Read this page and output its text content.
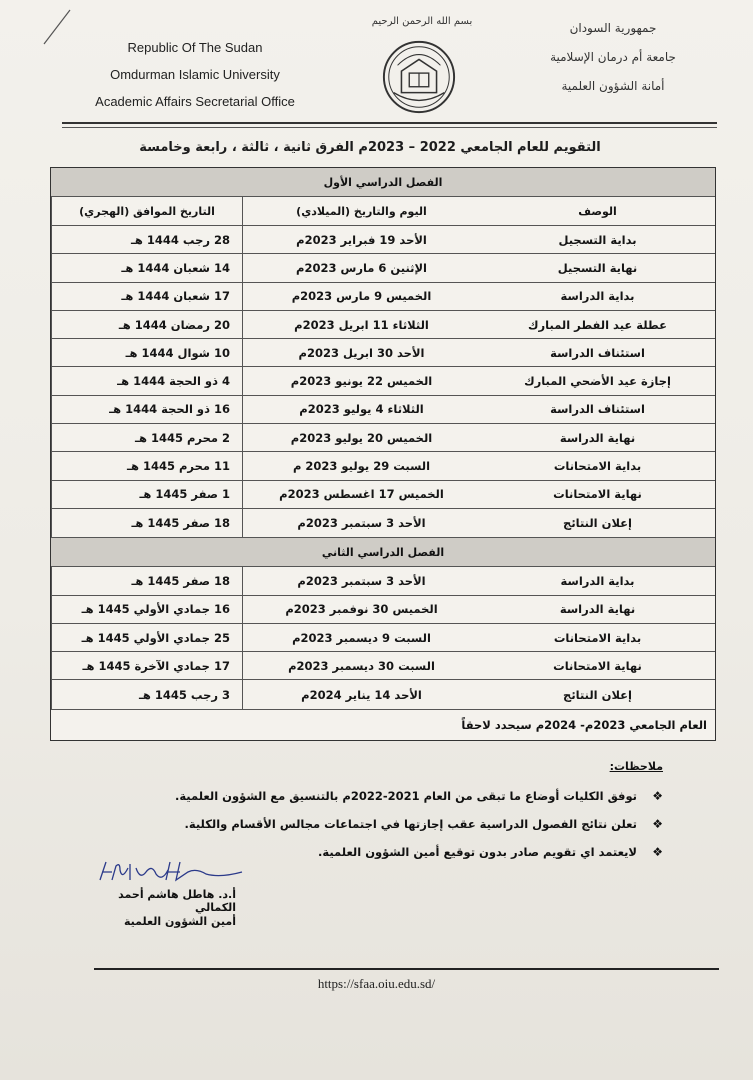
Republic Of The Sudan
Omdurman Islamic University
Academic Affairs Secretarial Office
بسم الله الرحمن الرحيم	جمهورية السودان
جامعة أم درمان الإسلامية
أمانة الشؤون العلمية
التقويم للعام الجامعي 2022 – 2023م الفرق ثانية ، ثالثة ، رابعة وخامسة
الفصل الدراسي الأول
الوصف
اليوم والتاريخ (الميلادي)
التاريخ الموافق (الهجري)
بداية التسجيل
الأحد 19 فبراير 2023م
28 رجب 1444 هـ
نهاية التسجيل
الإثنين 6 مارس 2023م
14 شعبان 1444 هـ
بداية الدراسة
الخميس 9 مارس 2023م
17 شعبان 1444 هـ
عطلة عيد الفطر المبارك
الثلاثاء 11 ابريل 2023م
20 رمضان 1444 هـ
استئناف الدراسة
الأحد 30 ابريل 2023م
10 شوال 1444 هـ
إجازة عيد الأضحي المبارك
الخميس 22 يونيو 2023م
4 ذو الحجة 1444 هـ
استئناف الدراسة
الثلاثاء 4 يوليو 2023م
16 ذو الحجة 1444 هـ
نهاية الدراسة
الخميس 20 يوليو 2023م
2 محرم 1445 هـ
بداية الامتحانات
السبت 29 يوليو 2023 م
11 محرم 1445 هـ
نهاية الامتحانات
الخميس 17 اغسطس 2023م
1 صفر 1445 هـ
إعلان النتائج
الأحد 3 سبتمبر 2023م
18 صفر 1445 هـ
الفصل الدراسي الثاني
بداية الدراسة
الأحد 3 سبتمبر 2023م
18 صفر 1445 هـ
نهاية الدراسة
الخميس 30 نوفمبر 2023م
16 جمادي الأولي 1445 هـ
بداية الامتحانات
السبت 9 ديسمبر 2023م
25 جمادي الأولي 1445 هـ
نهاية الامتحانات
السبت 30 ديسمبر 2023م
17 جمادي الآخرة 1445 هـ
إعلان النتائج
الأحد 14 يناير 2024م
3 رجب 1445 هـ
العام الجامعي 2023م- 2024م سيحدد لاحقاً
ملاحظات:
❖
توفق الكليات أوضاع ما تبقى من العام 2021-2022م بالتنسيق مع الشؤون العلمية.
❖
تعلن نتائج الفصول الدراسية عقب إجازتها في اجتماعات مجالس الأقسام والكلية.
❖
لايعتمد اي تقويم صادر بدون توقيع أمين الشؤون العلمية.
أ.د. هاطل هاشم أحمد الكمالي
أمين الشؤون العلمية
https://sfaa.oiu.edu.sd/
